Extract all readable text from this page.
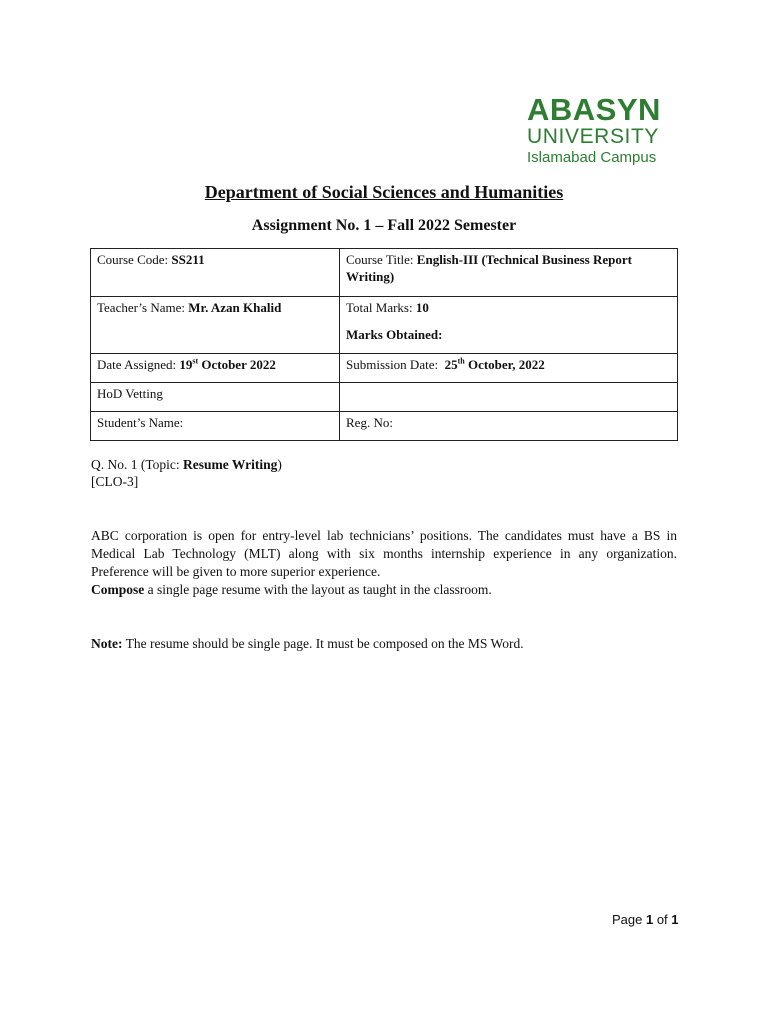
ABASYN
UNIVERSITY
Islamabad Campus
Department of Social Sciences and Humanities
Assignment No. 1 – Fall 2022 Semester
Course Code: SS211	Course Title: English-III (Technical Business Report Writing)
Teacher’s Name: Mr. Azan Khalid	Total Marks: 10
Marks Obtained:

Date Assigned: 19st October 2022	Submission Date:  25th October, 2022
HoD Vetting	
Student’s Name:	Reg. No:
Q. No. 1 (Topic: Resume Writing)
[CLO-3]
ABC corporation is open for entry-level lab technicians’ positions. The candidates must have a BS in Medical Lab Technology (MLT) along with six months internship experience in any organization. Preference will be given to more superior experience.
Compose a single page resume with the layout as taught in the classroom.
Note: The resume should be single page. It must be composed on the MS Word.
Page 1 of 1
